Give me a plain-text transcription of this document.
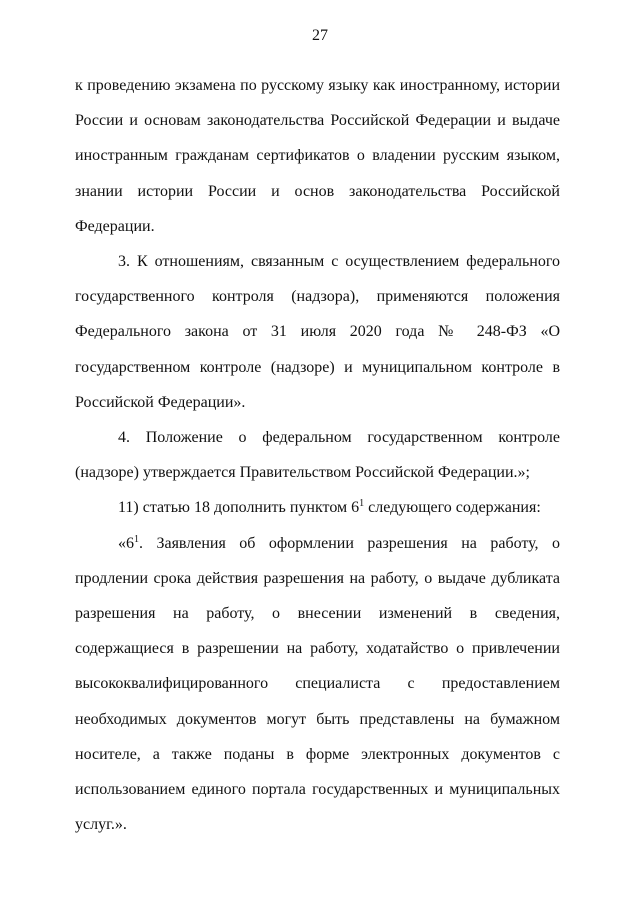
27

к проведению экзамена по русскому языку как иностранному, истории России и основам законодательства Российской Федерации и выдаче иностранным гражданам сертификатов о владении русским языком, знании истории России и основ законодательства Российской Федерации.

3. К отношениям, связанным с осуществлением федерального государственного контроля (надзора), применяются положения Федерального закона от 31 июля 2020 года № 248-ФЗ «О государственном контроле (надзоре) и муниципальном контроле в Российской Федерации».

4. Положение о федеральном государственном контроле (надзоре) утверждается Правительством Российской Федерации.»;

11) статью 18 дополнить пунктом $6^1$ следующего содержания:

«$6^1$. Заявления об оформлении разрешения на работу, о продлении срока действия разрешения на работу, о выдаче дубликата разрешения на работу, о внесении изменений в сведения, содержащиеся в разрешении на работу, ходатайство о привлечении высококвалифицированного специалиста с предоставлением необходимых документов могут быть представлены на бумажном носителе, а также поданы в форме электронных документов с использованием единого портала государственных и муниципальных услуг.».
